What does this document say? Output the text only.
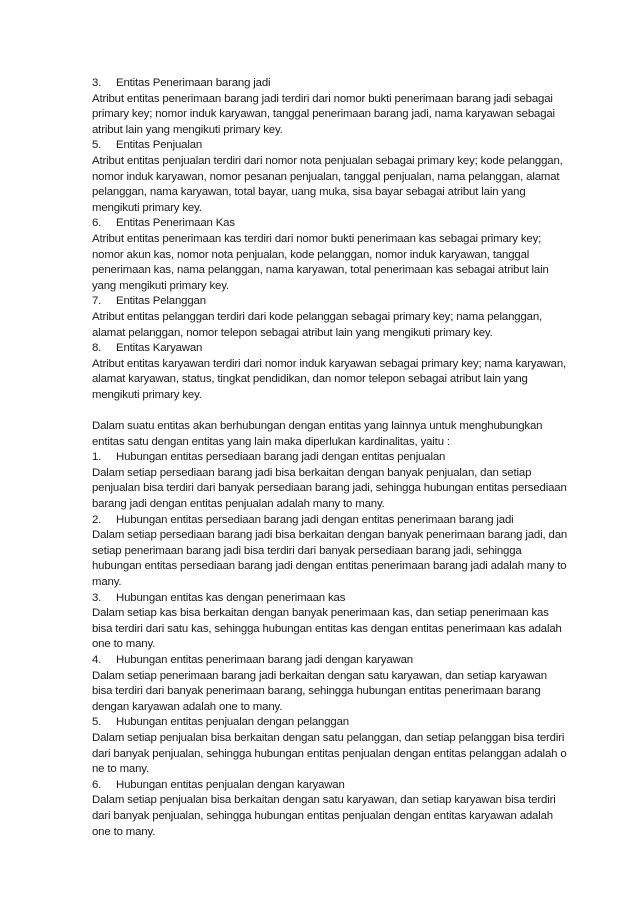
3.	Entitas Penerimaan barang jadi

Atribut entitas penerimaan barang jadi terdiri dari nomor bukti penerimaan barang jadi sebagai primary key; nomor induk karyawan, tanggal penerimaan barang jadi, nama karyawan sebagai atribut lain yang mengikuti primary key.

5.	Entitas Penjualan

Atribut entitas penjualan terdiri dari nomor nota penjualan sebagai primary key; kode pelanggan, nomor induk karyawan, nomor pesanan penjualan, tanggal penjualan, nama pelanggan, alamat pelanggan, nama karyawan, total bayar, uang muka, sisa bayar sebagai atribut lain yang mengikuti primary key.

6.	Entitas Penerimaan Kas

Atribut entitas penerimaan kas terdiri dari nomor bukti penerimaan kas sebagai primary key; nomor akun kas, nomor nota penjualan, kode pelanggan, nomor induk karyawan, tanggal penerimaan kas, nama pelanggan, nama karyawan, total penerimaan kas sebagai atribut lain yang mengikuti primary key.

7.	Entitas Pelanggan

Atribut entitas pelanggan terdiri dari kode pelanggan sebagai primary key; nama pelanggan, alamat pelanggan, nomor telepon sebagai atribut lain yang mengikuti primary key.

8.	Entitas Karyawan

Atribut entitas karyawan terdiri dari nomor induk karyawan sebagai primary key; nama karyawan, alamat karyawan, status, tingkat pendidikan, dan nomor telepon sebagai atribut lain yang mengikuti primary key.

Dalam suatu entitas akan berhubungan dengan entitas yang lainnya untuk menghubungkan entitas satu dengan entitas yang lain maka diperlukan kardinalitas, yaitu :

1.	Hubungan entitas persediaan barang jadi dengan entitas penjualan

Dalam setiap persediaan barang jadi bisa berkaitan dengan banyak penjualan, dan setiap penjualan bisa terdiri dari banyak persediaan barang jadi, sehingga hubungan entitas persediaan barang jadi dengan entitas penjualan adalah many to many.

2.	Hubungan entitas persediaan barang jadi dengan entitas penerimaan barang jadi

Dalam setiap persediaan barang jadi bisa berkaitan dengan banyak penerimaan barang jadi, dan setiap penerimaan barang jadi bisa terdiri dari banyak persediaan barang jadi, sehingga hubungan entitas persediaan barang jadi dengan entitas penerimaan barang jadi adalah many to many.

3.	Hubungan entitas kas dengan penerimaan kas

Dalam setiap kas bisa berkaitan dengan banyak penerimaan kas, dan setiap penerimaan kas bisa terdiri dari satu kas, sehingga hubungan entitas kas dengan entitas penerimaan kas adalah one to many.

4.	Hubungan entitas penerimaan barang jadi dengan karyawan

Dalam setiap penerimaan barang jadi berkaitan dengan satu karyawan, dan setiap karyawan bisa terdiri dari banyak penerimaan barang, sehingga hubungan entitas penerimaan barang dengan karyawan adalah one to many.

5.	Hubungan entitas penjualan dengan pelanggan

Dalam setiap penjualan bisa berkaitan dengan satu pelanggan, dan setiap pelanggan bisa terdiri dari banyak penjualan, sehingga hubungan entitas penjualan dengan entitas pelanggan adalah o ne to many.

6.	Hubungan entitas penjualan dengan karyawan

Dalam setiap penjualan bisa berkaitan dengan satu karyawan, dan setiap karyawan bisa terdiri dari banyak penjualan, sehingga hubungan entitas penjualan dengan entitas karyawan adalah one to many.
